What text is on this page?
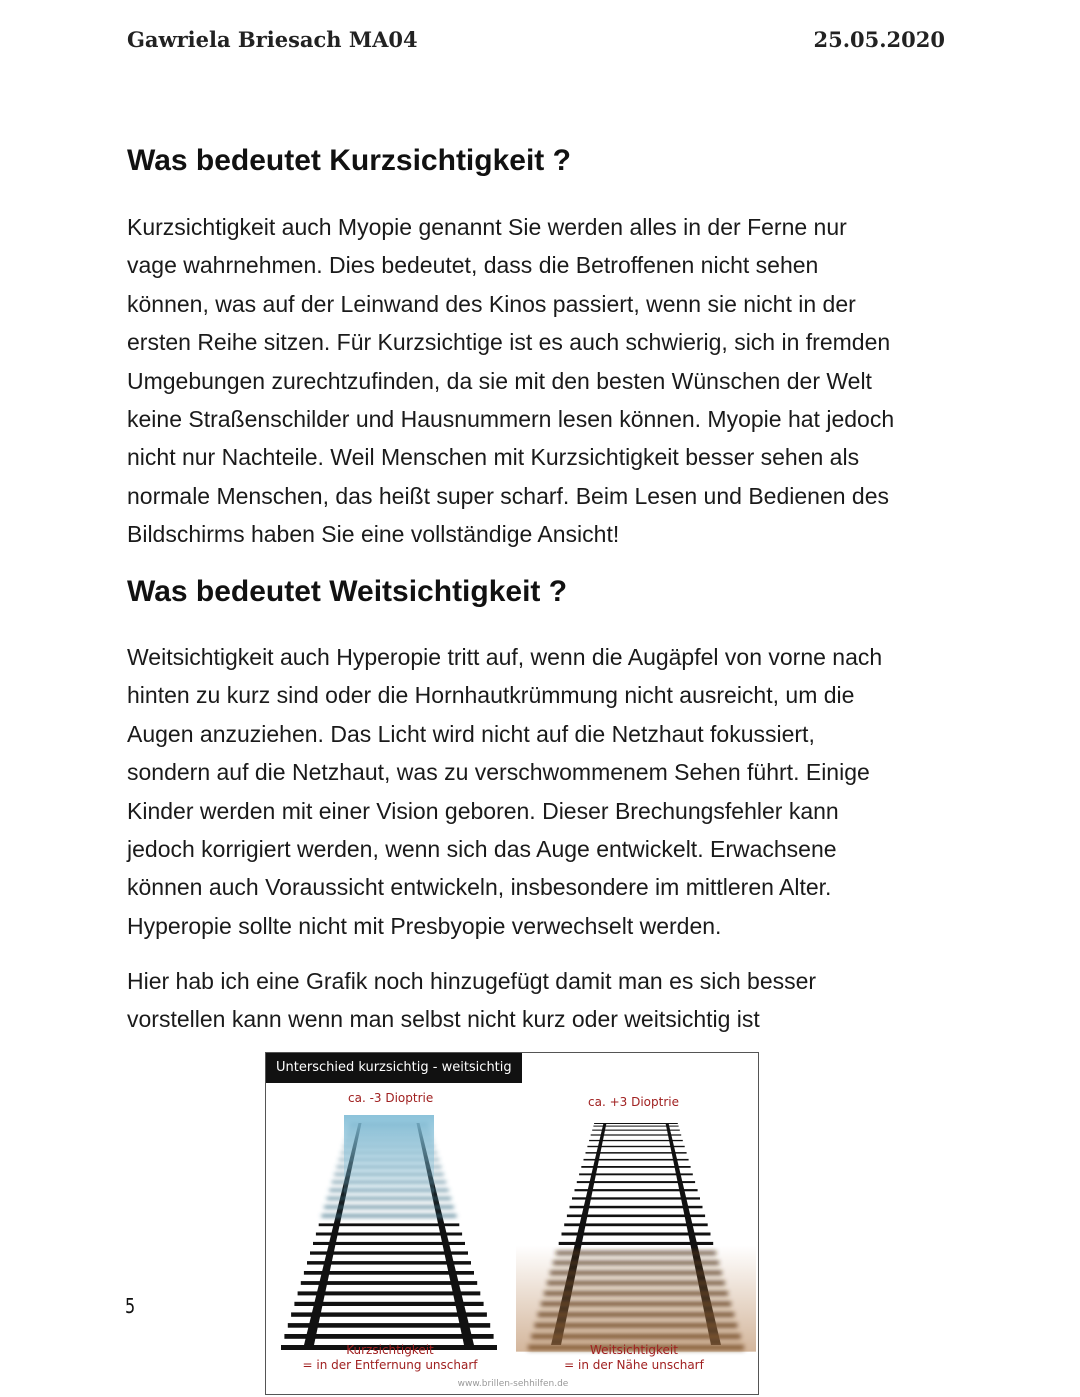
Gawriela Briesach MA04	25.05.2020
Was bedeutet Kurzsichtigkeit ?
Kurzsichtigkeit auch Myopie genannt Sie werden alles in der Ferne nur
vage wahrnehmen. Dies bedeutet, dass die Betroffenen nicht sehen
können, was auf der Leinwand des Kinos passiert, wenn sie nicht in der
ersten Reihe sitzen. Für Kurzsichtige ist es auch schwierig, sich in fremden
Umgebungen zurechtzufinden, da sie mit den besten Wünschen der Welt
keine Straßenschilder und Hausnummern lesen können. Myopie hat jedoch
nicht nur Nachteile. Weil Menschen mit Kurzsichtigkeit besser sehen als
normale Menschen, das heißt super scharf. Beim Lesen und Bedienen des
Bildschirms haben Sie eine vollständige Ansicht!
Was bedeutet Weitsichtigkeit ?
Weitsichtigkeit auch Hyperopie tritt auf, wenn die Augäpfel von vorne nach
hinten zu kurz sind oder die Hornhautkrümmung nicht ausreicht, um die
Augen anzuziehen. Das Licht wird nicht auf die Netzhaut fokussiert,
sondern auf die Netzhaut, was zu verschwommenem Sehen führt. Einige
Kinder werden mit einer Vision geboren. Dieser Brechungsfehler kann
jedoch korrigiert werden, wenn sich das Auge entwickelt. Erwachsene
können auch Voraussicht entwickeln, insbesondere im mittleren Alter.
Hyperopie sollte nicht mit Presbyopie verwechselt werden.
Hier hab ich eine Grafik noch hinzugefügt damit man es sich besser
vorstellen kann wenn man selbst nicht kurz oder weitsichtig ist
Unterschied kurzsichtig - weitsichtig
ca. -3 Dioptrie	ca. +3 Dioptrie
Kurzsichtigkeit
= in der Entfernung unscharf
Weitsichtigkeit
= in der Nähe unscharf
www.brillen-sehhilfen.de
5
